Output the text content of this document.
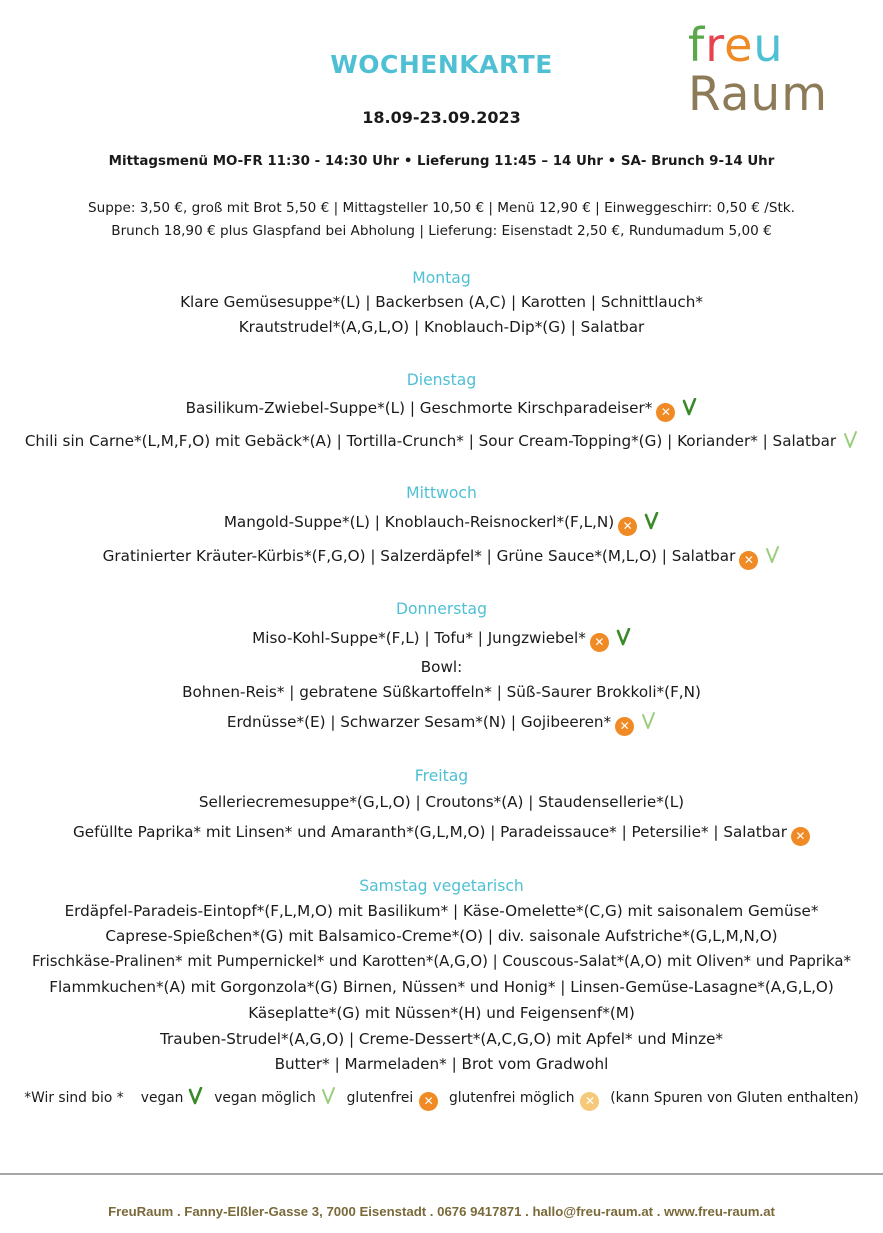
WOCHENKARTE	freu
Raum
18.09-23.09.2023
Mittagsmenü MO-FR 11:30 - 14:30 Uhr • Lieferung 11:45 – 14 Uhr • SA- Brunch 9-14 Uhr
Suppe: 3,50 €, groß mit Brot 5,50 € | Mittagsteller 10,50 € | Menü 12,90 € | Einweggeschirr: 0,50 € /Stk.
Brunch 18,90 € plus Glaspfand bei Abholung | Lieferung: Eisenstadt 2,50 €, Rundumadum 5,00 €
Montag
Klare Gemüsesuppe*(L) | Backerbsen (A,C) | Karotten | Schnittlauch*
Krautstrudel*(A,G,L,O) | Knoblauch-Dip*(G) | Salatbar
Dienstag
Basilikum-Zwiebel-Suppe*(L) | Geschmorte Kirschparadeiser* ✕
Chili sin Carne*(L,M,F,O) mit Gebäck*(A) | Tortilla-Crunch* | Sour Cream-Topping*(G) | Koriander* | Salatbar
Mittwoch
Mangold-Suppe*(L) | Knoblauch-Reisnockerl*(F,L,N) ✕
Gratinierter Kräuter-Kürbis*(F,G,O) | Salzerdäpfel* | Grüne Sauce*(M,L,O) | Salatbar ✕
Donnerstag
Miso-Kohl-Suppe*(F,L) | Tofu* | Jungzwiebel* ✕
Bowl:
Bohnen-Reis* | gebratene Süßkartoffeln* | Süß-Saurer Brokkoli*(F,N)
Erdnüsse*(E) | Schwarzer Sesam*(N) | Gojibeeren* ✕
Freitag
Selleriecremesuppe*(G,L,O) | Croutons*(A) | Staudensellerie*(L)
Gefüllte Paprika* mit Linsen* und Amaranth*(G,L,M,O) | Paradeissauce* | Petersilie* | Salatbar ✕
Samstag vegetarisch
Erdäpfel-Paradeis-Eintopf*(F,L,M,O) mit Basilikum* | Käse-Omelette*(C,G) mit saisonalem Gemüse*
Caprese-Spießchen*(G) mit Balsamico-Creme*(O) | div. saisonale Aufstriche*(G,L,M,N,O)
Frischkäse-Pralinen* mit Pumpernickel* und Karotten*(A,G,O) | Couscous-Salat*(A,O) mit Oliven* und Paprika*
Flammkuchen*(A) mit Gorgonzola*(G) Birnen, Nüssen* und Honig* | Linsen-Gemüse-Lasagne*(A,G,L,O)
Käseplatte*(G) mit Nüssen*(H) und Feigensenf*(M)
Trauben-Strudel*(A,G,O) | Creme-Dessert*(A,C,G,O) mit Apfel* und Minze*
Butter* | Marmeladen* | Brot vom Gradwohl
*Wir sind bio * vegan vegan möglich glutenfrei ✕ glutenfrei möglich ✕ (kann Spuren von Gluten enthalten)
FreuRaum . Fanny-Elßler-Gasse 3, 7000 Eisenstadt . 0676 9417871 . hallo@freu-raum.at . www.freu-raum.at
